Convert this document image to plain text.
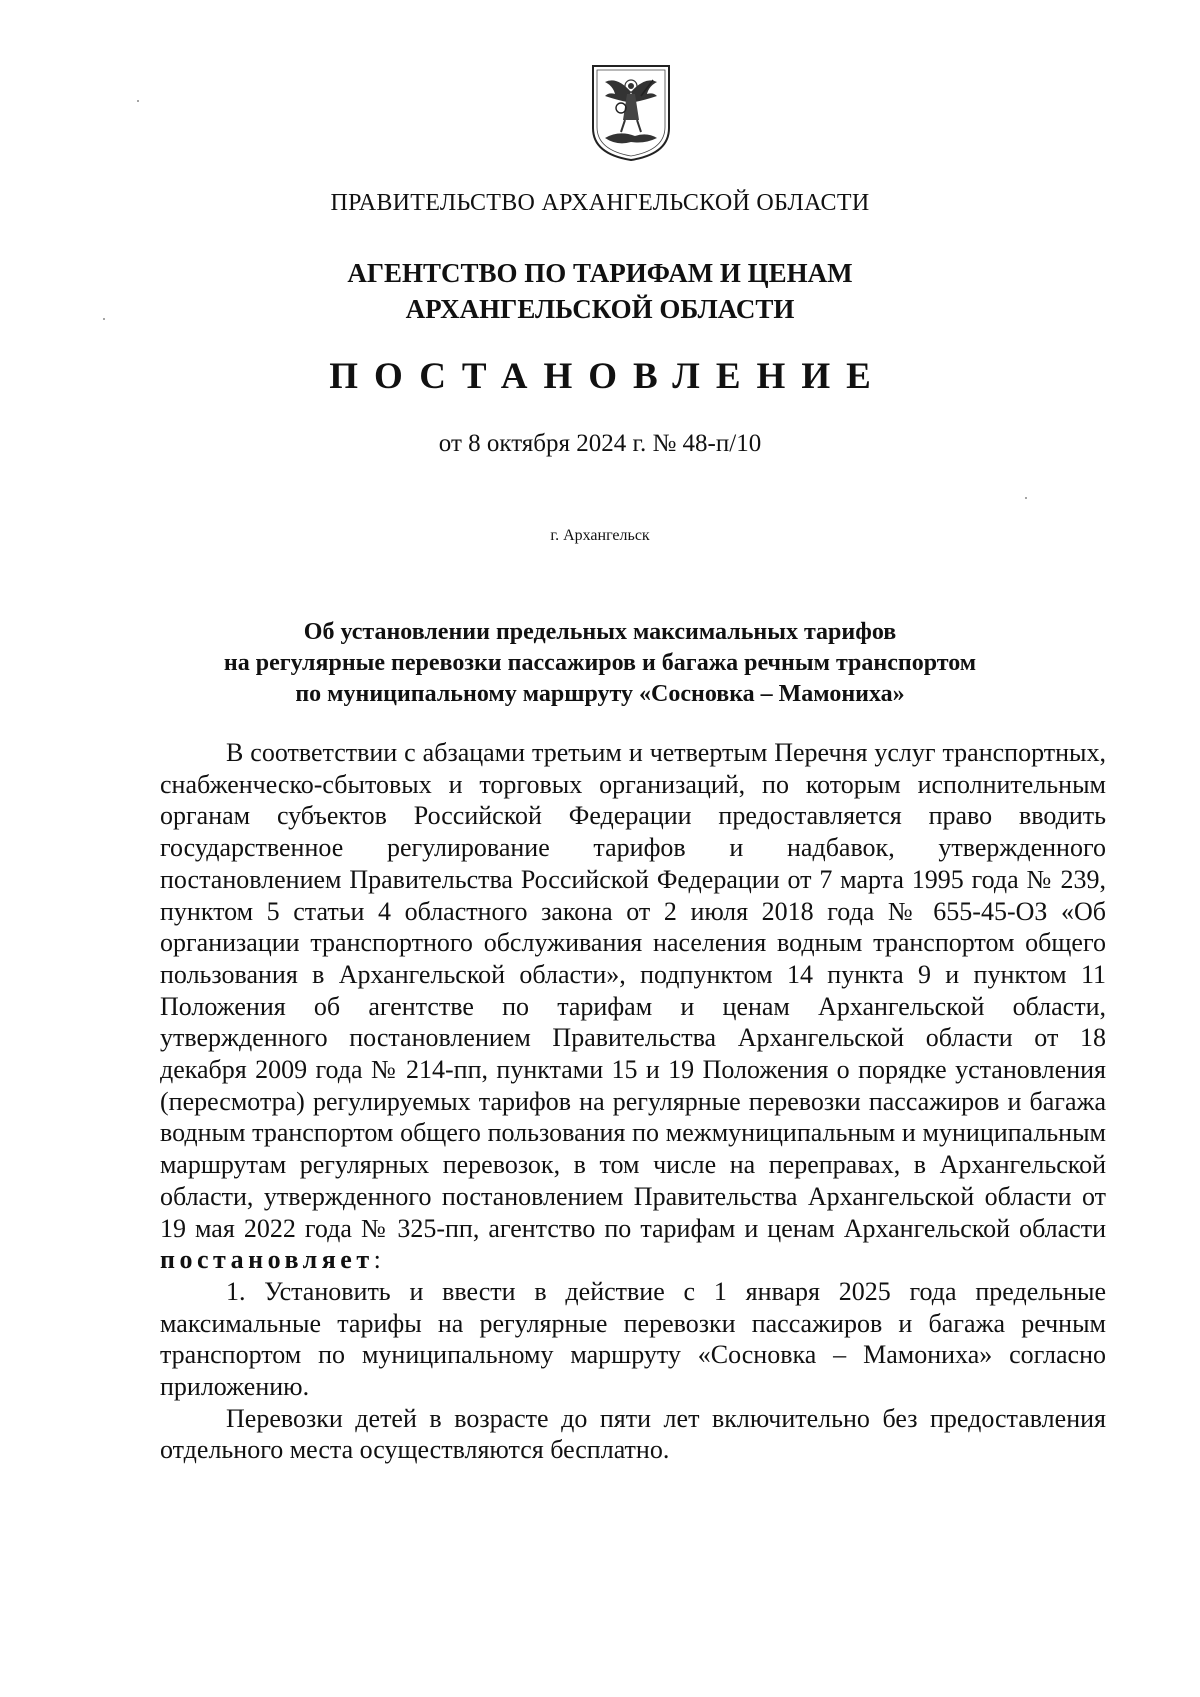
ПРАВИТЕЛЬСТВО АРХАНГЕЛЬСКОЙ ОБЛАСТИ
АГЕНТСТВО ПО ТАРИФАМ И ЦЕНАМ
АРХАНГЕЛЬСКОЙ ОБЛАСТИ
ПОСТАНОВЛЕНИЕ
от 8 октября 2024 г. № 48-п/10
г. Архангельск
Об установлении предельных максимальных тарифов
на регулярные перевозки пассажиров и багажа речным транспортом
по муниципальному маршруту «Сосновка – Мамониха»

В соответствии с абзацами третьим и четвертым Перечня услуг транспортных, снабженческо-сбытовых и торговых организаций, по которым исполнительным органам субъектов Российской Федерации предоставляется право вводить государственное регулирование тарифов и надбавок, утвержденного постановлением Правительства Российской Федерации от 7 марта 1995 года № 239, пунктом 5 статьи 4 областного закона от 2 июля 2018 года № 655-45-ОЗ «Об организации транспортного обслуживания населения водным транспортом общего пользования в Архангельской области», подпунктом 14 пункта 9 и пунктом 11 Положения об агентстве по тарифам и ценам Архангельской области, утвержденного постановлением Правительства Архангельской области от 18 декабря 2009 года № 214-пп, пунктами 15 и 19 Положения о порядке установления (пересмотра) регулируемых тарифов на регулярные перевозки пассажиров и багажа водным транспортом общего пользования по межмуниципальным и муниципальным маршрутам регулярных перевозок, в том числе на переправах, в Архангельской области, утвержденного постановлением Правительства Архангельской области от 19 мая 2022 года № 325-пп, агентство по тарифам и ценам Архангельской области постановляет:

1. Установить и ввести в действие с 1 января 2025 года предельные максимальные тарифы на регулярные перевозки пассажиров и багажа речным транспортом по муниципальному маршруту «Сосновка – Мамониха» согласно приложению.

Перевозки детей в возрасте до пяти лет включительно без предоставления отдельного места осуществляются бесплатно.
